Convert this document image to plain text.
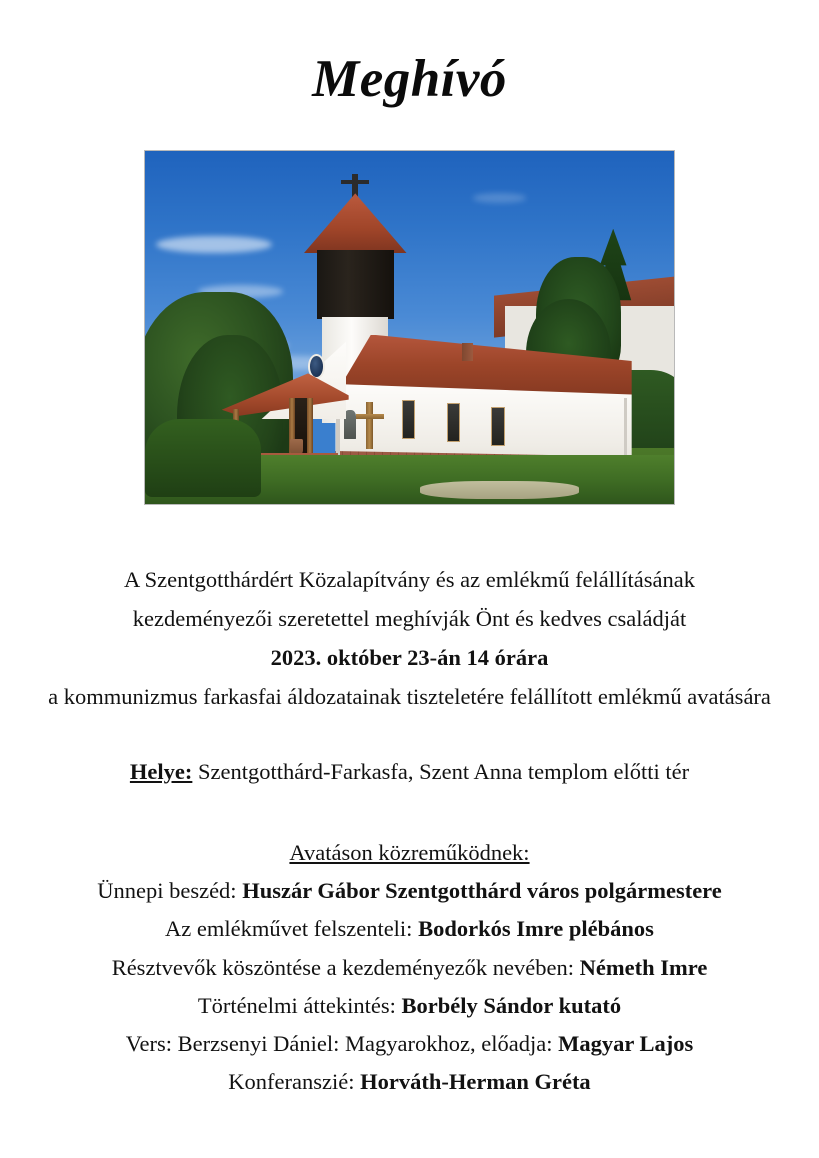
Meghívó
A Szentgotthárdért Közalapítvány és az emlékmű felállításának
kezdeményezői szeretettel meghívják Önt és kedves családját
2023. október 23-án 14 órára
a kommunizmus farkasfai áldozatainak tiszteletére felállított emlékmű avatására
Helye: Szentgotthárd-Farkasfa, Szent Anna templom előtti tér
Avatáson közreműködnek:
Ünnepi beszéd: Huszár Gábor Szentgotthárd város polgármestere
Az emlékművet felszenteli: Bodorkós Imre plébános
Résztvevők köszöntése a kezdeményezők nevében: Németh Imre
Történelmi áttekintés: Borbély Sándor kutató
Vers: Berzsenyi Dániel: Magyarokhoz, előadja: Magyar Lajos
Konferanszié: Horváth-Herman Gréta
